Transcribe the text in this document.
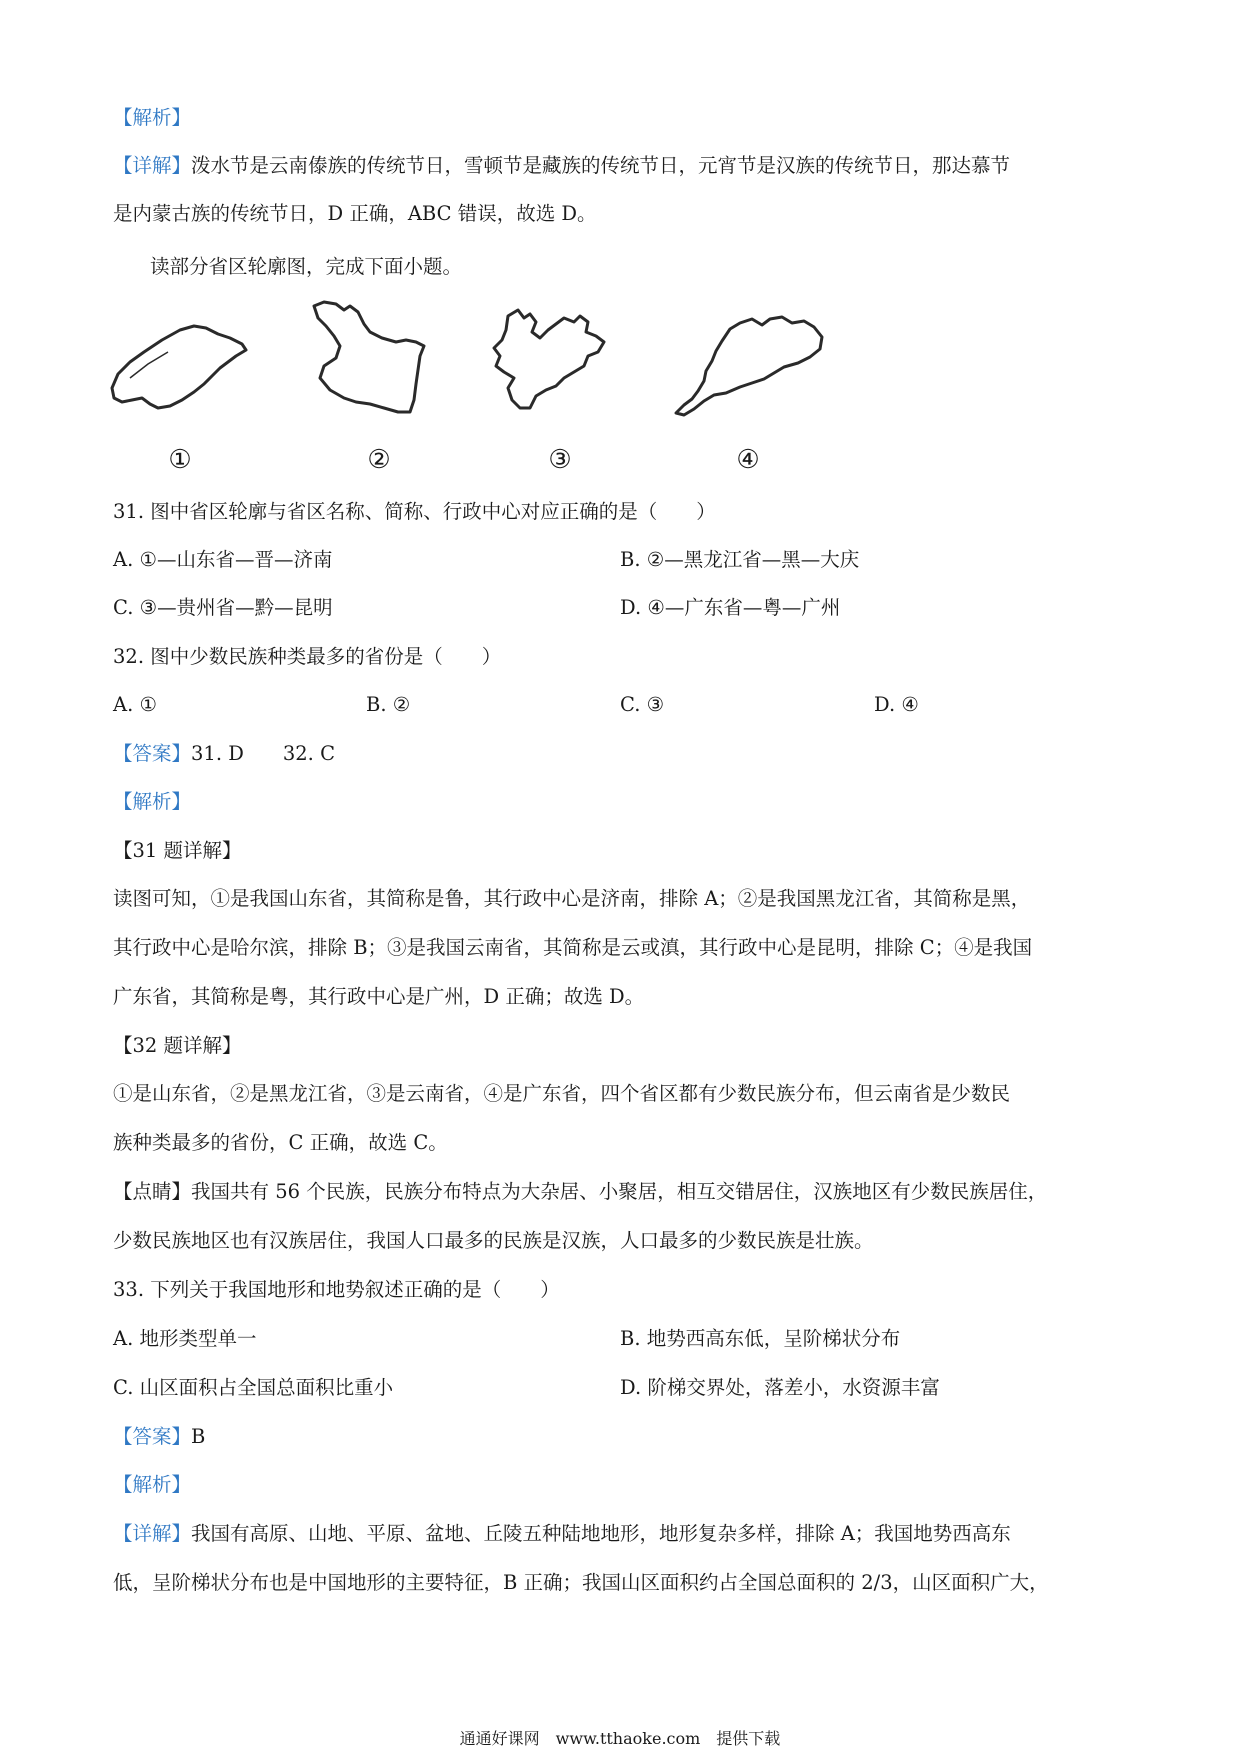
【解析】
【详解】泼水节是云南傣族的传统节日，雪顿节是藏族的传统节日，元宵节是汉族的传统节日，那达慕节
是内蒙古族的传统节日，D 正确，ABC 错误，故选 D。
读部分省区轮廓图，完成下面小题。
①	②	③	④
31. 图中省区轮廓与省区名称、简称、行政中心对应正确的是（　　）
A. ①—山东省—晋—济南	B. ②—黑龙江省—黑—大庆
C. ③—贵州省—黔—昆明	D. ④—广东省—粤—广州
32. 图中少数民族种类最多的省份是（　　）
A. ①	B. ②	C. ③	D. ④
【答案】31. D　　32. C
【解析】
【31 题详解】
读图可知，①是我国山东省，其简称是鲁，其行政中心是济南，排除 A；②是我国黑龙江省，其简称是黑，
其行政中心是哈尔滨，排除 B；③是我国云南省，其简称是云或滇，其行政中心是昆明，排除 C；④是我国
广东省，其简称是粤，其行政中心是广州，D 正确；故选 D。
【32 题详解】
①是山东省，②是黑龙江省，③是云南省，④是广东省，四个省区都有少数民族分布，但云南省是少数民
族种类最多的省份，C 正确，故选 C。
【点睛】我国共有 56 个民族，民族分布特点为大杂居、小聚居，相互交错居住，汉族地区有少数民族居住，
少数民族地区也有汉族居住，我国人口最多的民族是汉族，人口最多的少数民族是壮族。
33. 下列关于我国地形和地势叙述正确的是（　　）
A. 地形类型单一	B. 地势西高东低，呈阶梯状分布
C. 山区面积占全国总面积比重小	D. 阶梯交界处，落差小，水资源丰富
【答案】B
【解析】
【详解】我国有高原、山地、平原、盆地、丘陵五种陆地地形，地形复杂多样，排除 A；我国地势西高东
低，呈阶梯状分布也是中国地形的主要特征，B 正确；我国山区面积约占全国总面积的 2/3，山区面积广大，
通通好课网　www.tthaoke.com　提供下载
